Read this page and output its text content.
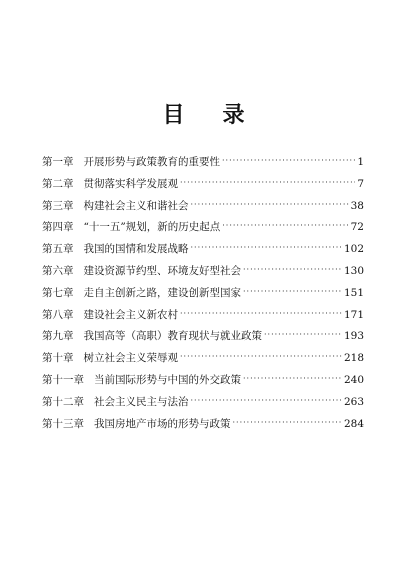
目 录
第一章 开展形势与政策教育的重要性 ·····	1
第二章 贯彻落实科学发展观 ·····	7
第三章 构建社会主义和谐社会 ·····	38
第四章 “十一五”规划，新的历史起点 ·····	72
第五章 我国的国情和发展战略 ·····	102
第六章 建设资源节约型、环境友好型社会 ·····	130
第七章 走自主创新之路，建设创新型国家 ·····	151
第八章 建设社会主义新农村 ·····	171
第九章 我国高等（高职）教育现状与就业政策 ·····	193
第十章 树立社会主义荣辱观 ·····	218
第十一章 当前国际形势与中国的外交政策 ·····	240
第十二章 社会主义民主与法治 ·····	263
第十三章 我国房地产市场的形势与政策 ·····	284
